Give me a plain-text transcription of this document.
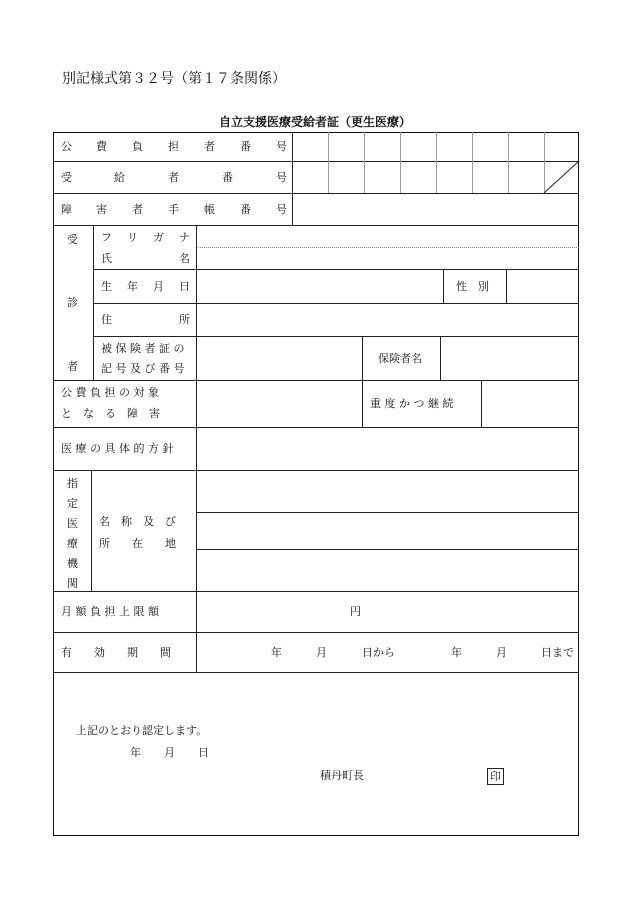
別記様式第３２号（第１７条関係）
自立支援医療受給者証（更生医療）
公 費 負 担 者 番 号
受	給	者	番	号
障 害 者 手 帳 番 号
受
診
者
フ リ ガ ナ
氏	名
生 年 月 日	性　別
住	所
被 保 険 者 証 の
記 号 及 び 番 号
保険者名
公 費 負 担 の 対 象
と　な　る　障　害
重 度 か つ 継 続
医 療 の 具 体 的 方 針
指
定
医
療
機
関
名　称　及　び
所　　在　　地
月 額 負 担 上 限 額	円
有　　効　　期　　間	年	月	日から	年	月	日まで
上記のとおり認定します。
年 月 日
積丹町長	印
